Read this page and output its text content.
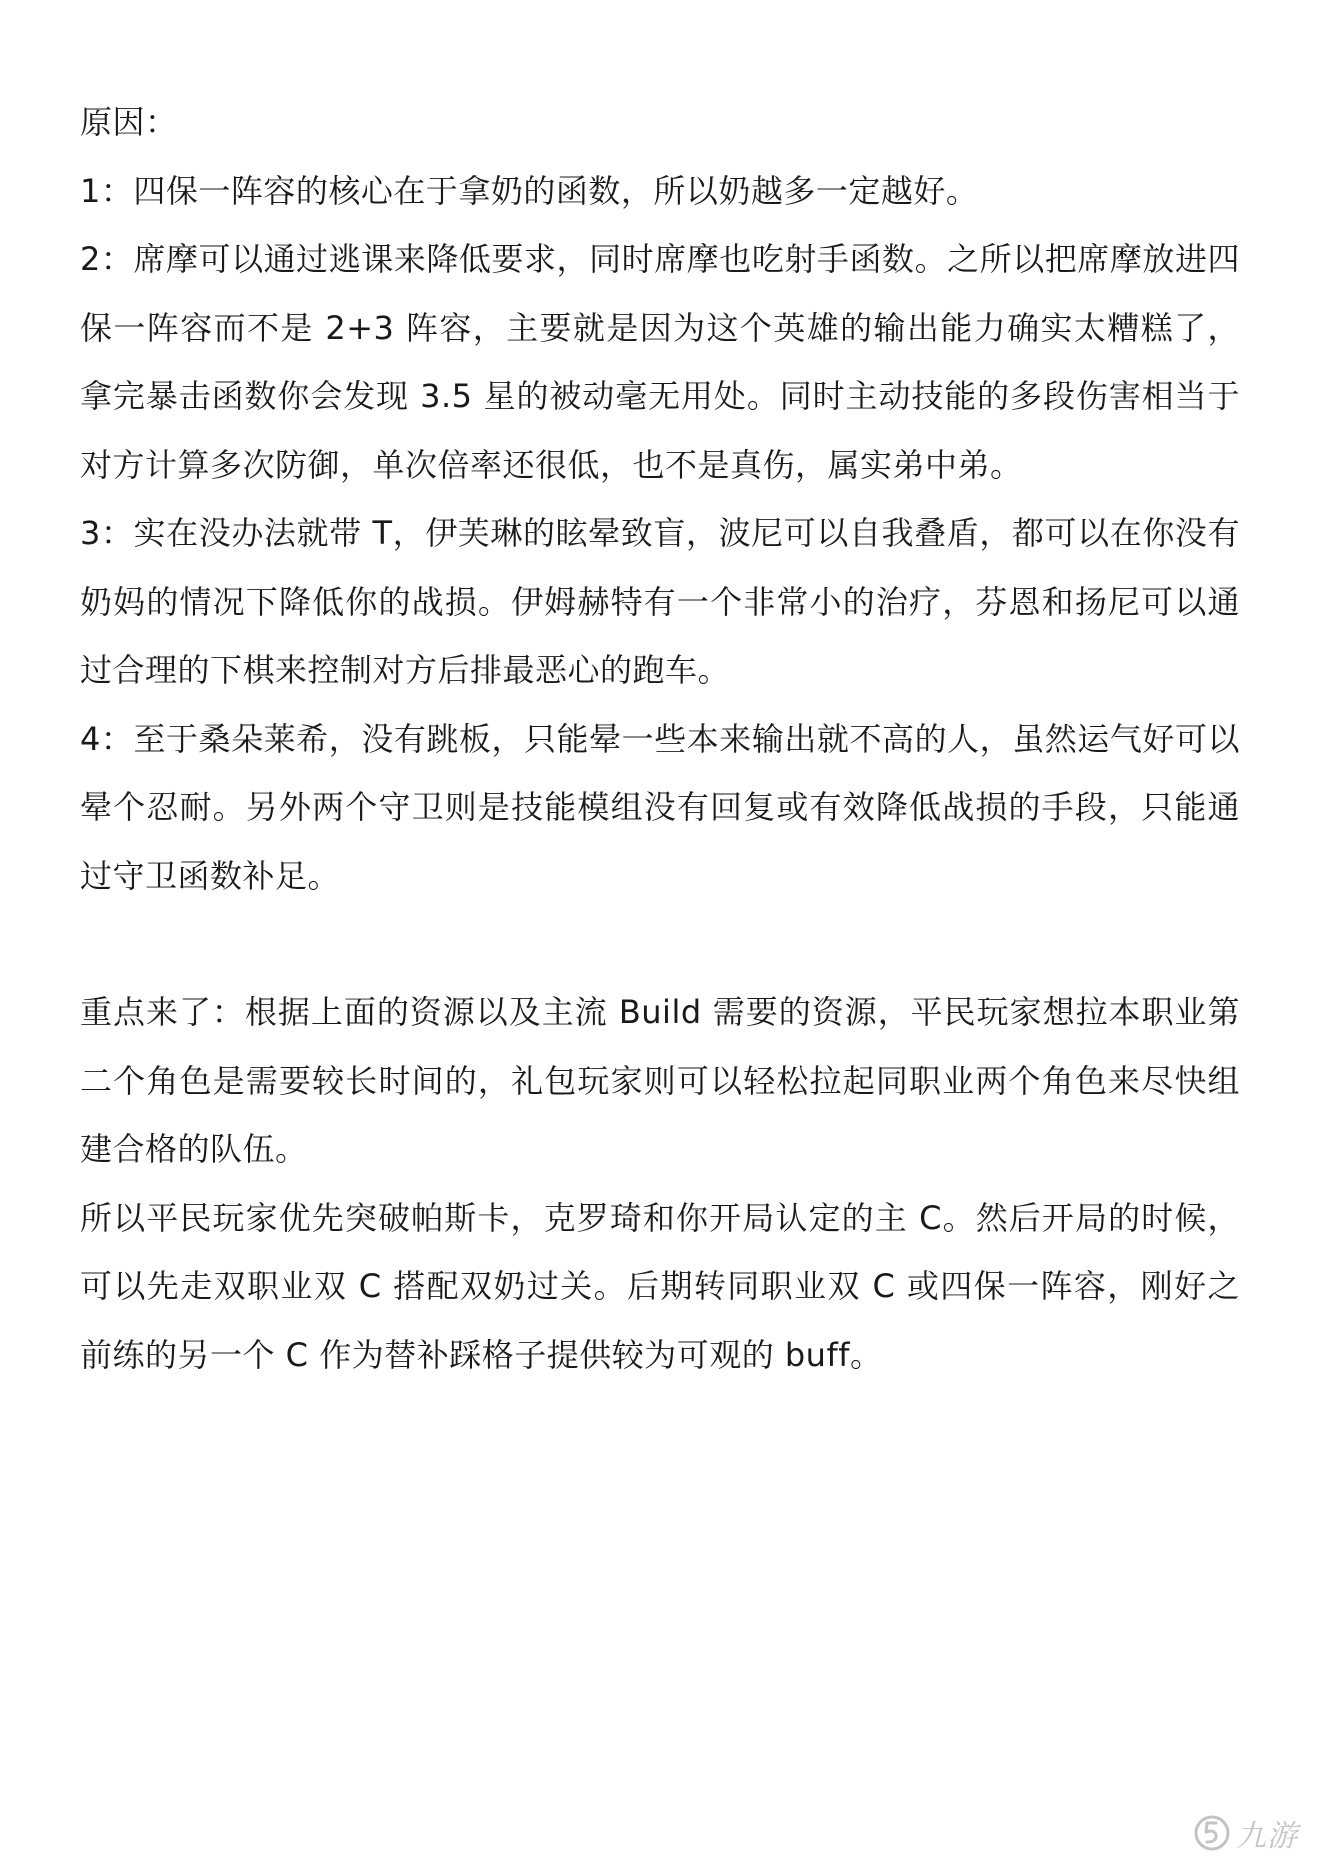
原因：

1：四保一阵容的核心在于拿奶的函数，所以奶越多一定越好。

2：席摩可以通过逃课来降低要求，同时席摩也吃射手函数。之所以把席摩放进四保一阵容而不是 2+3 阵容，主要就是因为这个英雄的输出能力确实太糟糕了，拿完暴击函数你会发现 3.5 星的被动毫无用处。同时主动技能的多段伤害相当于对方计算多次防御，单次倍率还很低，也不是真伤，属实弟中弟。

3：实在没办法就带 T，伊芙琳的眩晕致盲，波尼可以自我叠盾，都可以在你没有奶妈的情况下降低你的战损。伊姆赫特有一个非常小的治疗，芬恩和扬尼可以通过合理的下棋来控制对方后排最恶心的跑车。

4：至于桑朵莱希，没有跳板，只能晕一些本来输出就不高的人，虽然运气好可以晕个忍耐。另外两个守卫则是技能模组没有回复或有效降低战损的手段，只能通过守卫函数补足。

重点来了：根据上面的资源以及主流 Build 需要的资源，平民玩家想拉本职业第二个角色是需要较长时间的，礼包玩家则可以轻松拉起同职业两个角色来尽快组建合格的队伍。

所以平民玩家优先突破帕斯卡，克罗琦和你开局认定的主 C。然后开局的时候，可以先走双职业双 C 搭配双奶过关。后期转同职业双 C 或四保一阵容，刚好之前练的另一个 C 作为替补踩格子提供较为可观的 buff。

九游
